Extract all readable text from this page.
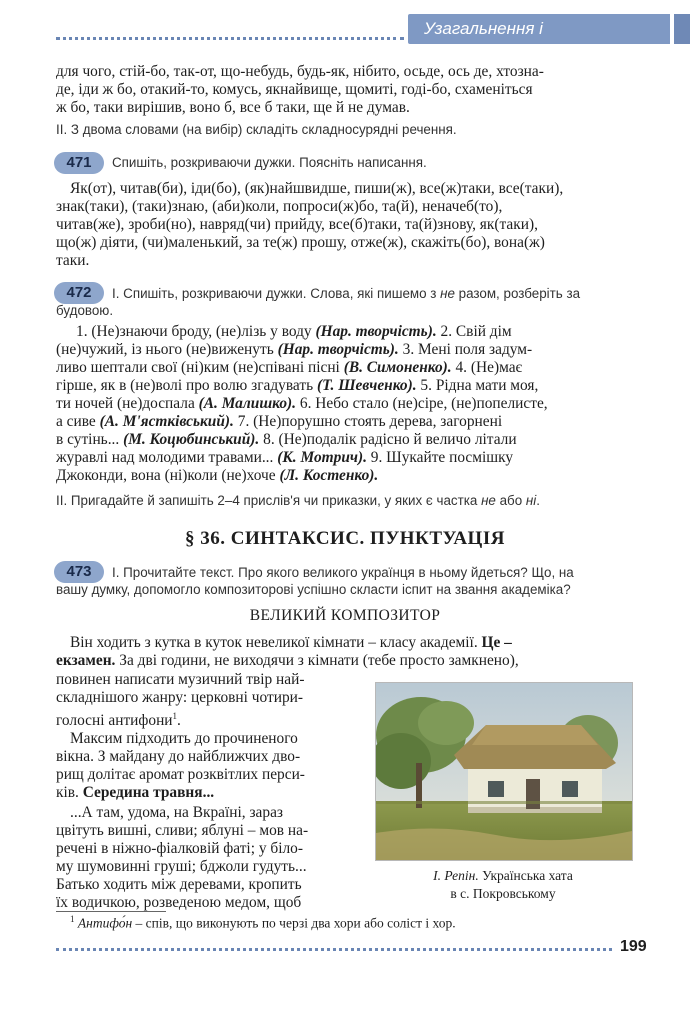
Узагальнення і систематизація
для чого, стій-бо, так-от, що-небудь, будь-як, нібито, осьде, ось де, хтозна-
де, іди ж бо, отакий-то, комусь, якнайвище, щомиті, годі-бо, схаменіться
ж бо, таки вирішив, воно б, все б таки, ще й не думав.
II. З двома словами (на вибір) складіть складносурядні речення.
471	Спишіть, розкриваючи дужки. Поясніть написання.
Як(от), читав(би), іди(бо), (як)найшвидше, пиши(ж), все(ж)таки, все(таки),
знак(таки), (таки)знаю, (аби)коли, попроси(ж)бо, та(й), неначеб(то),
читав(же), зроби(но), навряд(чи) прийду, все(б)таки, та(й)знову, як(таки),
що(ж) діяти, (чи)маленький, за те(ж) прошу, отже(ж), скажіть(бо), вона(ж)
таки.
472	І. Спишіть, розкриваючи дужки. Слова, які пишемо з не разом, розберіть за
будовою.
1. (Не)знаючи броду, (не)лізь у воду (Нар. творчість). 2. Свій дім
(не)чужий, із нього (не)виженуть (Нар. творчість). 3. Мені поля задум-
ливо шептали свої (ні)ким (не)співані пісні (В. Симоненко). 4. (Не)має
гірше, як в (не)волі про волю згадувать (Т. Шевченко). 5. Рідна мати моя,
ти ночей (не)доспала (А. Малишко). 6. Небо стало (не)сіре, (не)попелисте,
а сиве (А. М'ястківський). 7. (Не)порушно стоять дерева, загорнені
в сутінь... (М. Коцюбинський). 8. (Не)подалік радісно й величо літали
журавлі над молодими травами... (К. Мотрич). 9. Шукайте посмішку
Джоконди, вона (ні)коли (не)хоче (Л. Костенко).
II. Пригадайте й запишіть 2–4 прислів'я чи приказки, у яких є частка не або ні.
§ 36. СИНТАКСИС. ПУНКТУАЦІЯ
473	І. Прочитайте текст. Про якого великого українця в ньому йдеться? Що, на
вашу думку, допомогло композиторові успішно скласти іспит на звання академіка?
ВЕЛИКИЙ КОМПОЗИТОР
Він ходить з кутка в куток невеликої кімнати – класу академії. Це –
екзамен. За дві години, не виходячи з кімнати (тебе просто замкнено),
повинен написати музичний твір най-
складнішого жанру: церковні чотири-
голосні антифони$^1$.
Максим підходить до прочиненого
вікна. З майдану до найближчих дво-
рищ долітає аромат розквітлих перси-
ків. Середина травня...
...А там, удома, на Вкраїні, зараз
цвітуть вишні, сливи; яблуні – мов на-
речені в ніжно-фіалковій фаті; у біло-
му шумовинні груші; бджоли гудуть...
Батько ходить між деревами, кропить
їх водичкою, розведеною медом, щоб
І. Репін. Українська хата
в с. Покровському
$^1$ Антифо́н – спів, що виконують по черзі два хори або соліст і хор.
199
